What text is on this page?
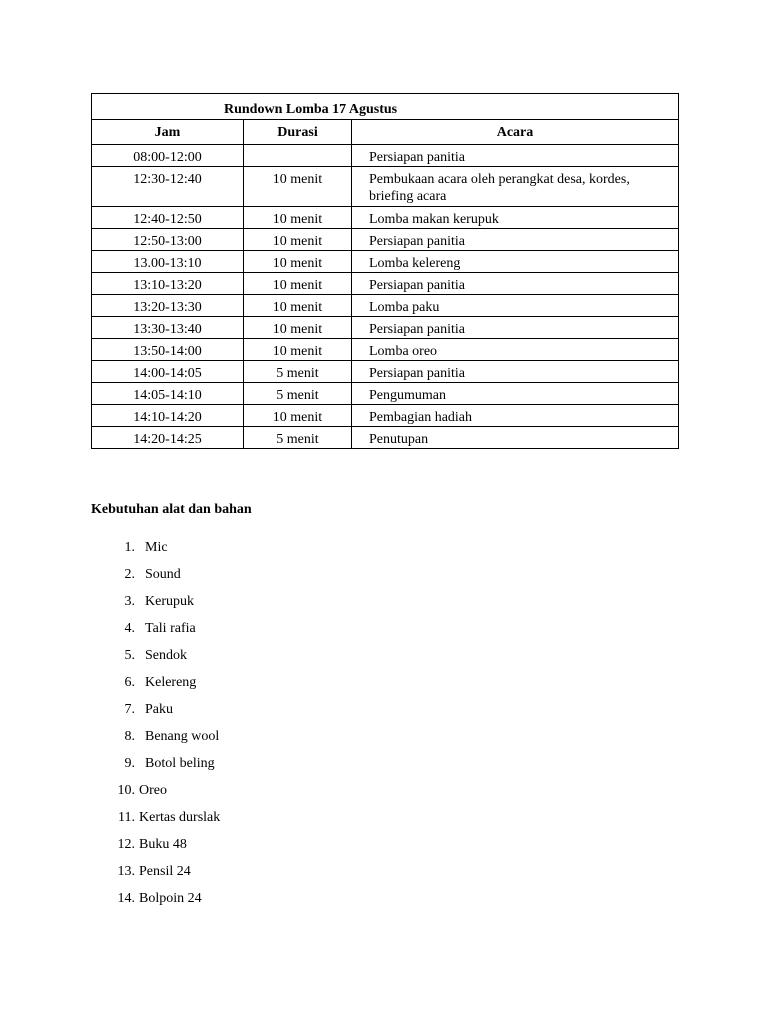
Rundown Lomba 17 Agustus		
Jam	Durasi	Acara
08:00-12:00		Persiapan panitia
12:30-12:40	10 menit	Pembukaan acara oleh perangkat desa, kordes, briefing acara
12:40-12:50	10 menit	Lomba makan kerupuk
12:50-13:00	10 menit	Persiapan panitia
13.00-13:10	10 menit	Lomba kelereng
13:10-13:20	10 menit	Persiapan panitia
13:20-13:30	10 menit	Lomba paku
13:30-13:40	10 menit	Persiapan panitia
13:50-14:00	10 menit	Lomba oreo
14:00-14:05	5 menit	Persiapan panitia
14:05-14:10	5 menit	Pengumuman
14:10-14:20	10 menit	Pembagian hadiah
14:20-14:25	5 menit	Penutupan
Kebutuhan alat dan bahan
1. Mic
2. Sound
3. Kerupuk
4. Tali rafia
5. Sendok
6. Kelereng
7. Paku
8. Benang wool
9. Botol beling
10. Oreo
11. Kertas durslak
12. Buku 48
13. Pensil 24
14. Bolpoin 24
